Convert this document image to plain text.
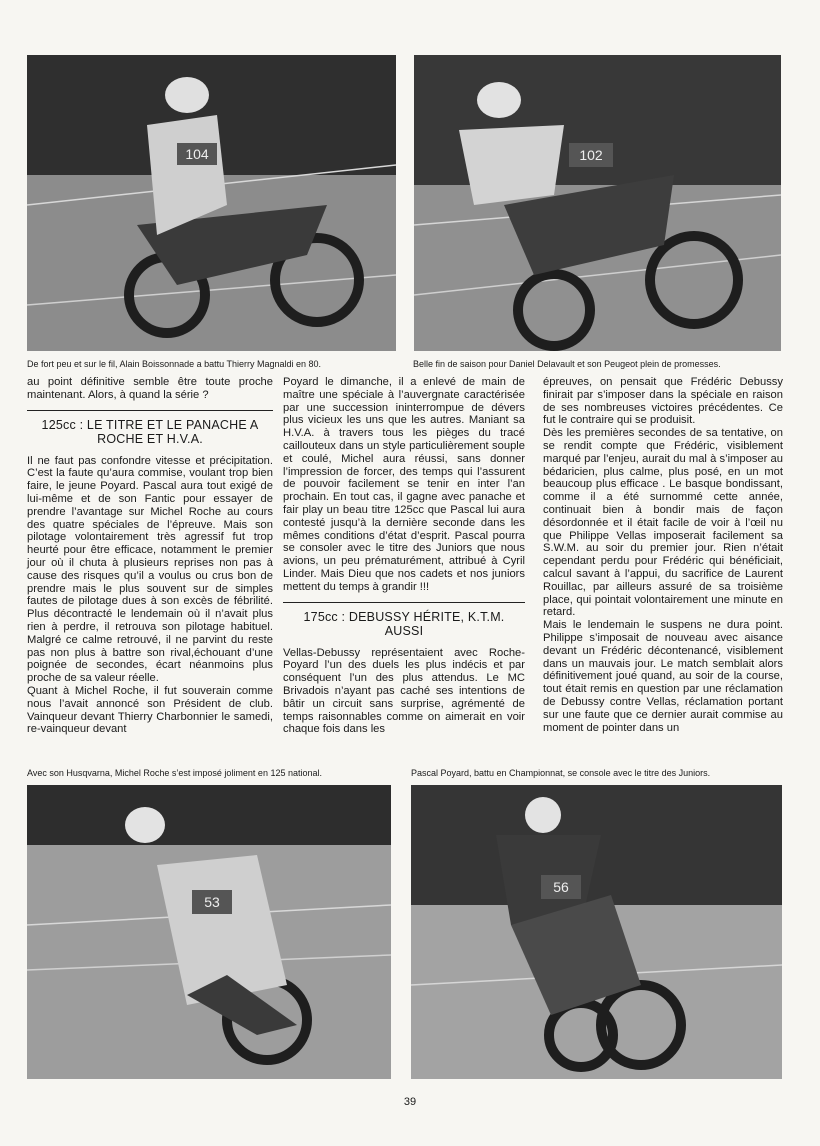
104	102
De fort peu et sur le fil, Alain Boissonnade a battu Thierry Magnaldi en 80.	Belle fin de saison pour Daniel Delavault et son Peugeot plein de promesses.

au point définitive semble être toute proche maintenant. Alors, à quand la série ?

125cc : LE TITRE ET LE PANACHE A ROCHE ET H.V.A.

Il ne faut pas confondre vitesse et précipitation. C’est la faute qu’aura commise, voulant trop bien faire, le jeune Poyard. Pascal aura tout exigé de lui-même et de son Fantic pour essayer de prendre l’avantage sur Michel Roche au cours des quatre spéciales de l’épreuve. Mais son pilotage volontairement très agressif fut trop heurté pour être efficace, notamment le premier jour où il chuta à plusieurs reprises non pas à cause des risques qu’il a voulus ou crus bon de prendre mais le plus souvent sur de simples fautes de pilotage dues à son excès de fébrilité. Plus décontracté le lendemain où il n’avait plus rien à perdre, il retrouva son pilotage habituel. Malgré ce calme retrouvé, il ne parvint du reste pas non plus à battre son rival,échouant d’une poignée de secondes, écart néanmoins plus proche de sa valeur réelle.

Quant à Michel Roche, il fut souverain comme nous l’avait annoncé son Président de club. Vainqueur devant Thierry Charbonnier le samedi, re-vainqueur devant

Poyard le dimanche, il a enlevé de main de maître une spéciale à l’auvergnate caractérisée par une succession ininterrompue de dévers plus vicieux les uns que les autres. Maniant sa H.V.A. à travers tous les pièges du tracé caillouteux dans un style particulièrement souple et coulé, Michel aura réussi, sans donner l’impression de forcer, des temps qui l’assurent de pouvoir facilement se tenir en inter l’an prochain. En tout cas, il gagne avec panache et fair play un beau titre 125cc que Pascal lui aura contesté jusqu’à la dernière seconde dans les mêmes conditions d’état d’esprit. Pascal pourra se consoler avec le titre des Juniors que nous avions, un peu prématurément, attribué à Cyril Linder. Mais Dieu que nos cadets et nos juniors mettent du temps à grandir !!!

175cc : DEBUSSY HÉRITE, K.T.M. AUSSI

Vellas-Debussy représentaient avec Roche-Poyard l’un des duels les plus indécis et par conséquent l’un des plus attendus. Le MC Brivadois n’ayant pas caché ses intentions de bâtir un circuit sans surprise, agrémenté de temps raisonnables comme on aimerait en voir chaque fois dans les

épreuves, on pensait que Frédéric Debussy finirait par s’imposer dans la spéciale en raison de ses nombreuses victoires précédentes. Ce fut le contraire qui se produisit.

Dès les premières secondes de sa tentative, on se rendit compte que Frédéric, visiblement marqué par l’enjeu, aurait du mal à s’imposer au bédaricien, plus calme, plus posé, en un mot beaucoup plus efficace . Le basque bondissant, comme il a été surnommé cette année, continuait bien à bondir mais de façon désordonnée et il était facile de voir à l’œil nu que Philippe Vellas imposerait facilement sa S.W.M. au soir du premier jour. Rien n’était cependant perdu pour Frédéric qui bénéficiait, calcul savant à l’appui, du sacrifice de Laurent Rouillac, par ailleurs assuré de sa troisième place, qui pointait volontairement une minute en retard.

Mais le lendemain le suspens ne dura point. Philippe s’imposait de nouveau avec aisance devant un Frédéric décontenancé, visiblement dans un mauvais jour. Le match semblait alors définitivement joué quand, au soir de la course, tout était remis en question par une réclamation de Debussy contre Vellas, réclamation portant sur une faute que ce dernier aurait commise au moment de pointer dans un

Avec son Husqvarna, Michel Roche s’est imposé joliment en 125 national.	Pascal Poyard, battu en Championnat, se console avec le titre des Juniors.
53
56
39
